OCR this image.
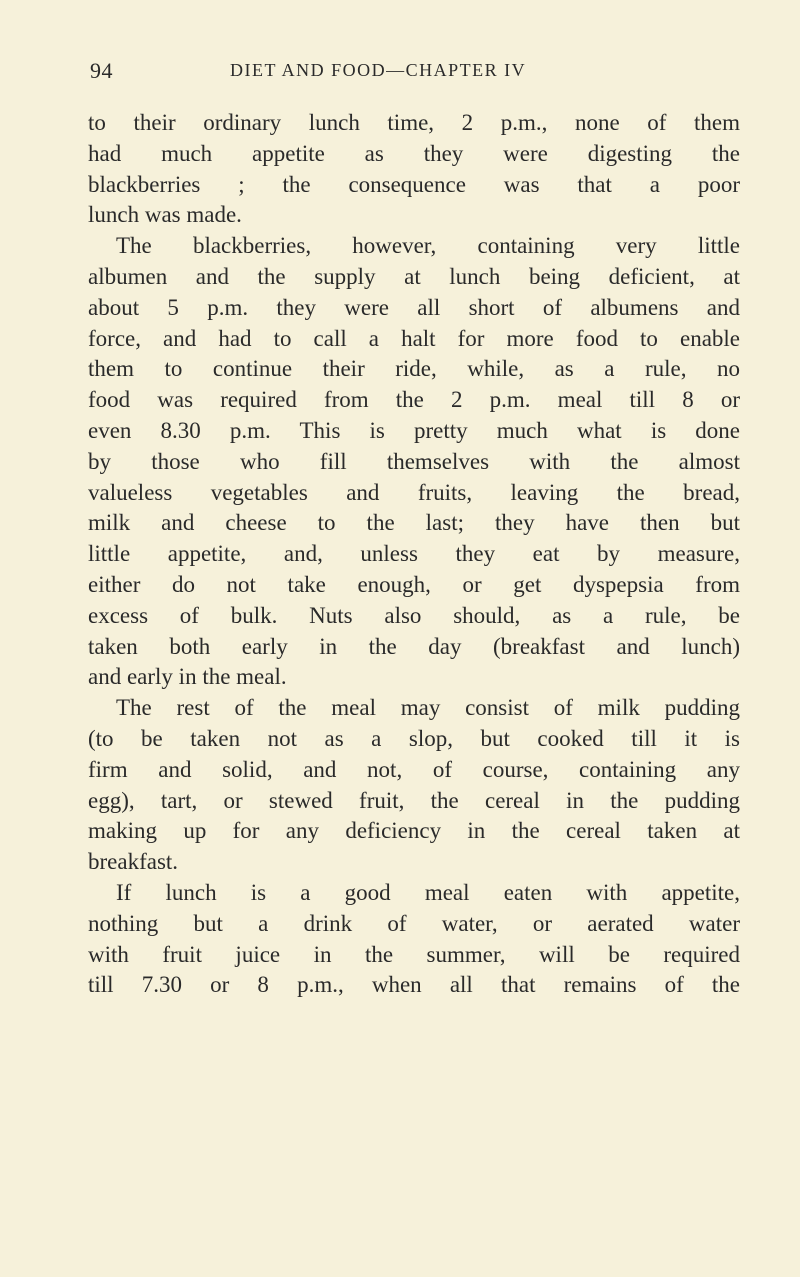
94	DIET AND FOOD—CHAPTER IV
to their ordinary lunch time, 2 p.m., none of them
had much appetite as they were digesting the
blackberries ; the consequence was that a poor
lunch was made.
The blackberries, however, containing very little
albumen and the supply at lunch being deficient, at
about 5 p.m. they were all short of albumens and
force, and had to call a halt for more food to enable
them to continue their ride, while, as a rule, no
food was required from the 2 p.m. meal till 8 or
even 8.30 p.m. This is pretty much what is done
by those who fill themselves with the almost
valueless vegetables and fruits, leaving the bread,
milk and cheese to the last; they have then but
little appetite, and, unless they eat by measure,
either do not take enough, or get dyspepsia from
excess of bulk. Nuts also should, as a rule, be
taken both early in the day (breakfast and lunch)
and early in the meal.
The rest of the meal may consist of milk pudding
(to be taken not as a slop, but cooked till it is
firm and solid, and not, of course, containing any
egg), tart, or stewed fruit, the cereal in the pudding
making up for any deficiency in the cereal taken at
breakfast.
If lunch is a good meal eaten with appetite,
nothing but a drink of water, or aerated water
with fruit juice in the summer, will be required
till 7.30 or 8 p.m., when all that remains of the
